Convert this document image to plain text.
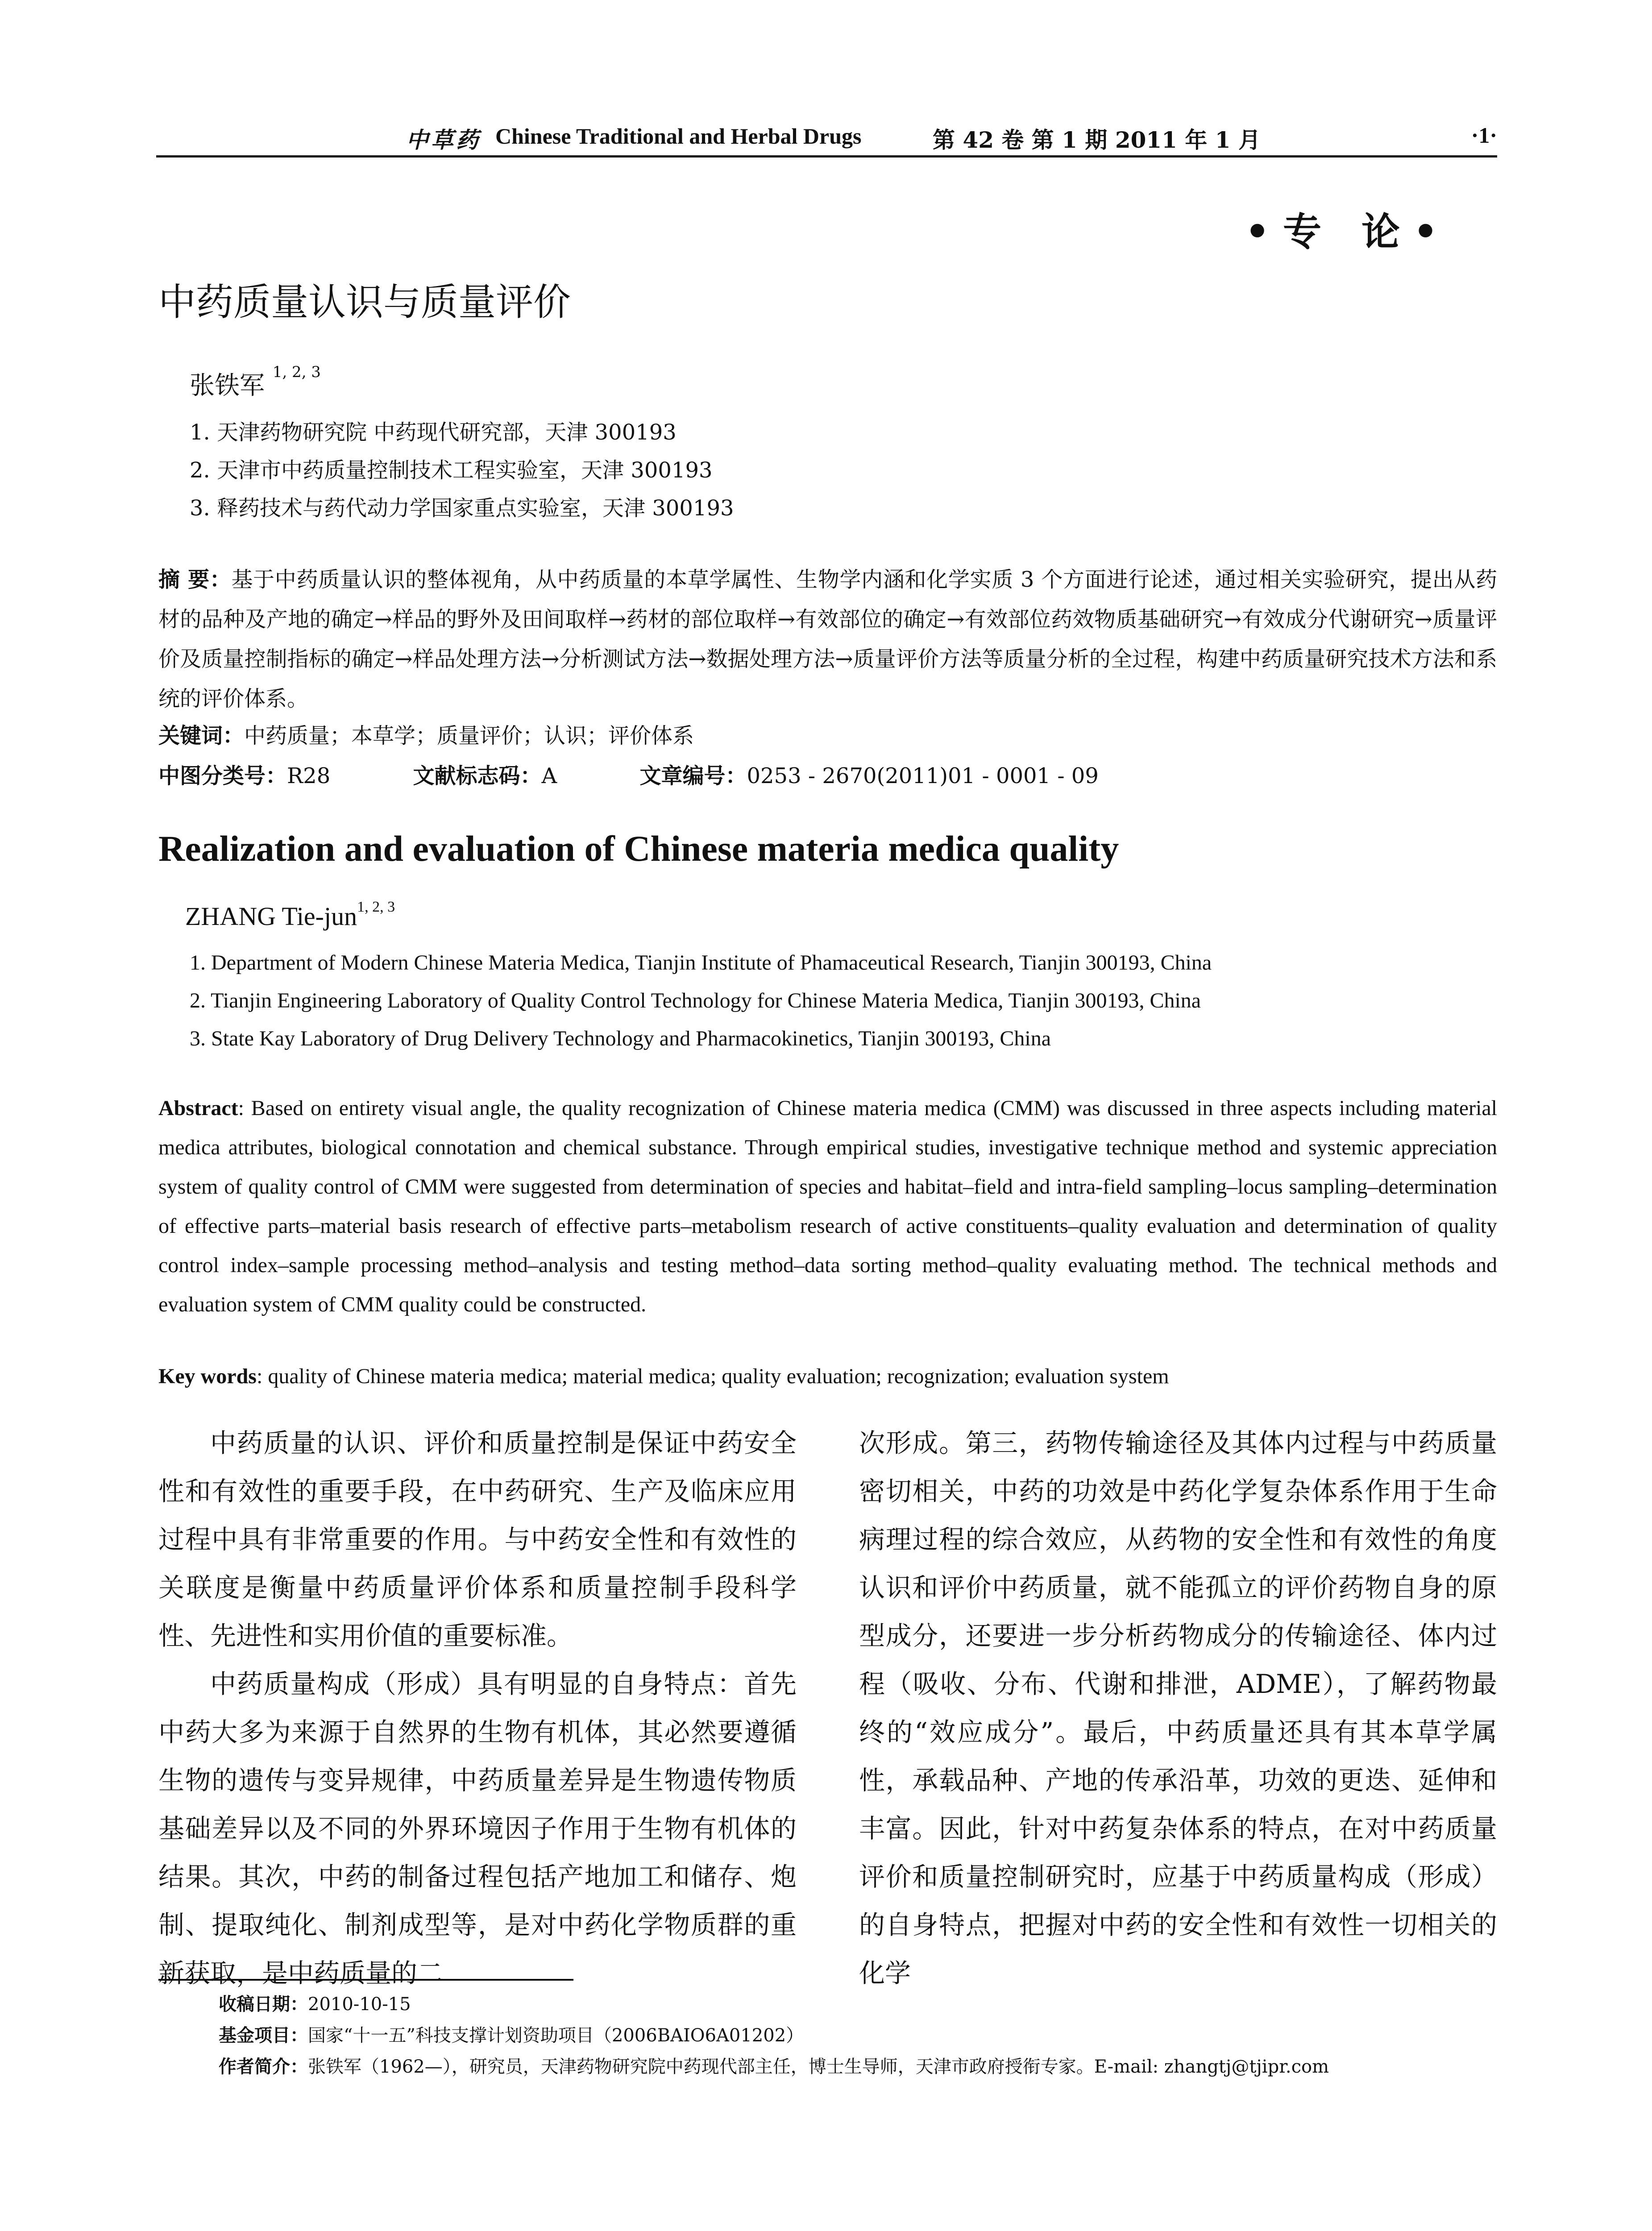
中草药 Chinese Traditional and Herbal Drugs	第 42 卷 第 1 期 2011 年 1 月	·1·
•专 论•
中药质量认识与质量评价
张铁军 $^{1, 2, 3}$
1. 天津药物研究院 中药现代研究部，天津 300193
2. 天津市中药质量控制技术工程实验室，天津 300193
3. 释药技术与药代动力学国家重点实验室，天津 300193
摘 要：基于中药质量认识的整体视角，从中药质量的本草学属性、生物学内涵和化学实质 3 个方面进行论述，通过相关实验研究，提出从药材的品种及产地的确定→样品的野外及田间取样→药材的部位取样→有效部位的确定→有效部位药效物质基础研究→有效成分代谢研究→质量评价及质量控制指标的确定→样品处理方法→分析测试方法→数据处理方法→质量评价方法等质量分析的全过程，构建中药质量研究技术方法和系统的评价体系。
关键词：中药质量；本草学；质量评价；认识；评价体系
中图分类号：R28	文献标志码：A	文章编号：0253 - 2670(2011)01 - 0001 - 09
Realization and evaluation of Chinese materia medica quality
ZHANG Tie-jun$^{1, 2, 3}$
1. Department of Modern Chinese Materia Medica, Tianjin Institute of Phamaceutical Research, Tianjin 300193, China
2. Tianjin Engineering Laboratory of Quality Control Technology for Chinese Materia Medica, Tianjin 300193, China
3. State Kay Laboratory of Drug Delivery Technology and Pharmacokinetics, Tianjin 300193, China
Abstract: Based on entirety visual angle, the quality recognization of Chinese materia medica (CMM) was discussed in three aspects including material medica attributes, biological connotation and chemical substance. Through empirical studies, investigative technique method and systemic appreciation system of quality control of CMM were suggested from determination of species and habitat–field and intra-field sampling–locus sampling–determination of effective parts–material basis research of effective parts–metabolism research of active constituents–quality evaluation and determination of quality control index–sample processing method–analysis and testing method–data sorting method–quality evaluating method. The technical methods and evaluation system of CMM quality could be constructed.
Key words: quality of Chinese materia medica; material medica; quality evaluation; recognization; evaluation system

中药质量的认识、评价和质量控制是保证中药安全性和有效性的重要手段，在中药研究、生产及临床应用过程中具有非常重要的作用。与中药安全性和有效性的关联度是衡量中药质量评价体系和质量控制手段科学性、先进性和实用价值的重要标准。

中药质量构成（形成）具有明显的自身特点：首先中药大多为来源于自然界的生物有机体，其必然要遵循生物的遗传与变异规律，中药质量差异是生物遗传物质基础差异以及不同的外界环境因子作用于生物有机体的结果。其次，中药的制备过程包括产地加工和储存、炮制、提取纯化、制剂成型等，是对中药化学物质群的重新获取，是中药质量的二

次形成。第三，药物传输途径及其体内过程与中药质量密切相关，中药的功效是中药化学复杂体系作用于生命病理过程的综合效应，从药物的安全性和有效性的角度认识和评价中药质量，就不能孤立的评价药物自身的原型成分，还要进一步分析药物成分的传输途径、体内过程（吸收、分布、代谢和排泄，ADME），了解药物最终的“效应成分”。最后，中药质量还具有其本草学属性，承载品种、产地的传承沿革，功效的更迭、延伸和丰富。因此，针对中药复杂体系的特点，在对中药质量评价和质量控制研究时，应基于中药质量构成（形成）的自身特点，把握对中药的安全性和有效性一切相关的化学

收稿日期：2010-10-15
基金项目：国家“十一五”科技支撑计划资助项目（2006BAIO6A01202）
作者简介：张铁军（1962—），研究员，天津药物研究院中药现代部主任，博士生导师，天津市政府授衔专家。E-mail: zhangtj@tjipr.com
